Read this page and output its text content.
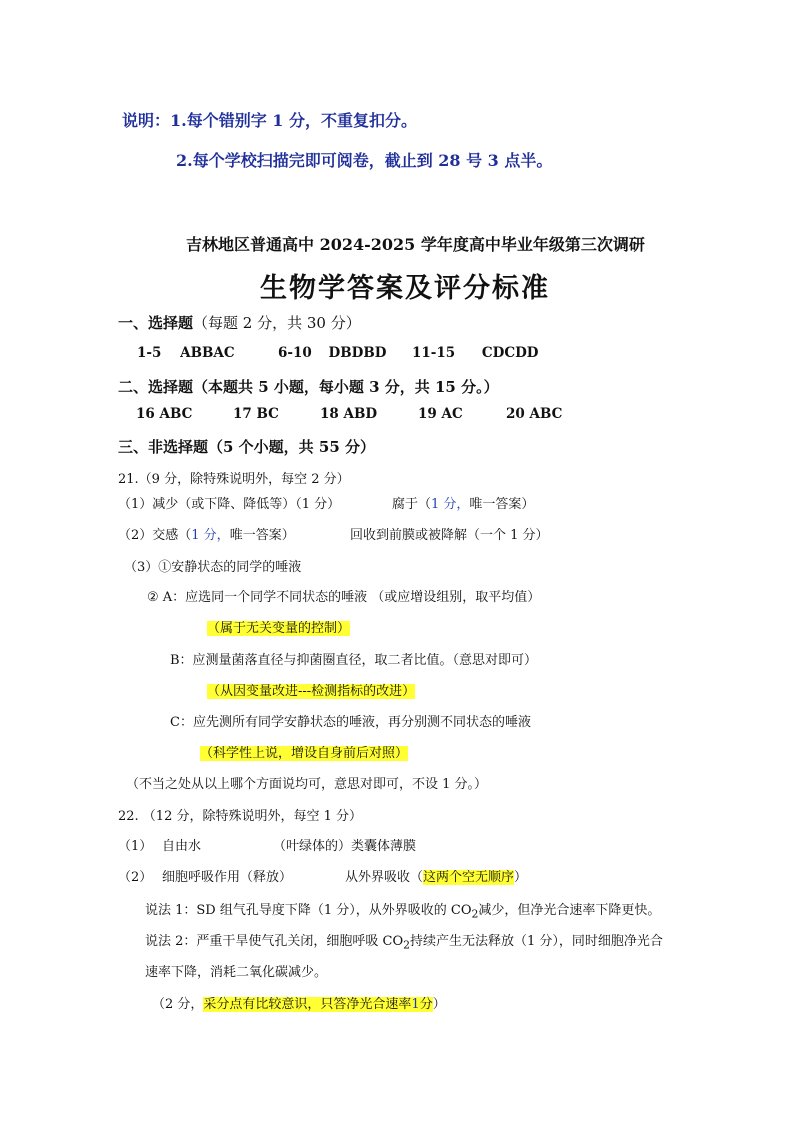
说明：1.每个错别字 1 分，不重复扣分。
2.每个学校扫描完即可阅卷，截止到 28 号 3 点半。
吉林地区普通高中 2024-2025 学年度高中毕业年级第三次调研
生物学答案及评分标准
一、选择题（每题 2 分，共 30 分）
1-5 ABBAC	6-10 DBDBD 11-15 CDCDD
二、选择题（本题共 5 小题，每小题 3 分，共 15 分。）
16 ABC	17 BC	18 ABD	19 AC	20 ABC
三、非选择题（5 个小题，共 55 分）
21.（9 分，除特殊说明外，每空 2 分）
（1）减少（或下降、降低等）（1 分）	腐于（1 分，唯一答案）
（2）交感（1 分，唯一答案）	回收到前膜或被降解（一个 1 分）
（3）①安静状态的同学的唾液
② A：应选同一个同学不同状态的唾液 （或应增设组别，取平均值）
（属于无关变量的控制）
B：应测量菌落直径与抑菌圈直径，取二者比值。（意思对即可）
（从因变量改进---检测指标的改进）
C：应先测所有同学安静状态的唾液，再分别测不同状态的唾液
（科学性上说，增设自身前后对照）
（不当之处从以上哪个方面说均可，意思对即可，不设 1 分。）
22. （12 分，除特殊说明外，每空 1 分）
（1） 自由水	（叶绿体的）类囊体薄膜
（2） 细胞呼吸作用（释放）	从外界吸收（这两个空无顺序）
说法 1：SD 组气孔导度下降（1 分），从外界吸收的 $CO_2$减少，但净光合速率下降更快。
说法 2：严重干旱使气孔关闭，细胞呼吸 $CO_2$持续产生无法释放（1 分），同时细胞净光合
速率下降，消耗二氧化碳减少。
（2 分，采分点有比较意识，只答净光合速率1分）
